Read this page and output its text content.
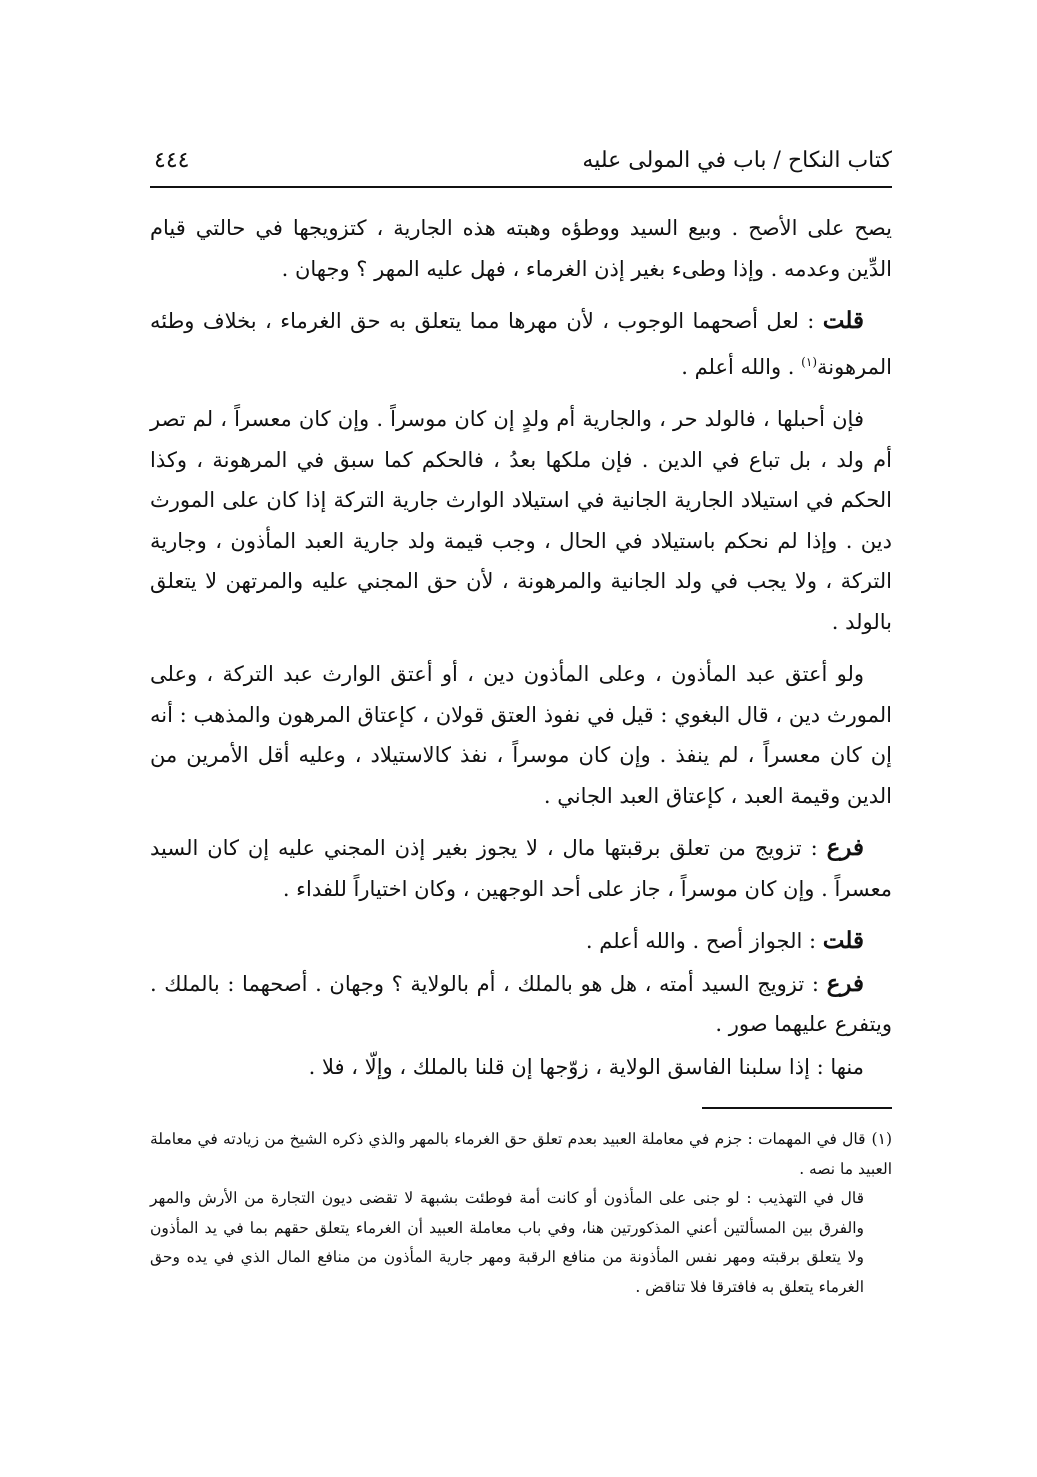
كتاب النكاح / باب في المولى عليه
٤٤٤

يصح على الأصح . وبيع السيد ووطؤه وهبته هذه الجارية ، كتزويجها في حالتي قيام الدِّين وعدمه . وإذا وطىء بغير إذن الغرماء ، فهل عليه المهر ؟ وجهان .

قلت : لعل أصحهما الوجوب ، لأن مهرها مما يتعلق به حق الغرماء ، بخلاف وطئه المرهونة$^{(١)}$ . والله أعلم .

فإن أحبلها ، فالولد حر ، والجارية أم ولدٍ إن كان موسراً . وإن كان معسراً ، لم تصر أم ولد ، بل تباع في الدين . فإن ملكها بعدُ ، فالحكم كما سبق في المرهونة ، وكذا الحكم في استيلاد الجارية الجانية في استيلاد الوارث جارية التركة إذا كان على المورث دين . وإذا لم نحكم باستيلاد في الحال ، وجب قيمة ولد جارية العبد المأذون ، وجارية التركة ، ولا يجب في ولد الجانية والمرهونة ، لأن حق المجني عليه والمرتهن لا يتعلق بالولد .

ولو أعتق عبد المأذون ، وعلى المأذون دين ، أو أعتق الوارث عبد التركة ، وعلى المورث دين ، قال البغوي : قيل في نفوذ العتق قولان ، كإعتاق المرهون والمذهب : أنه إن كان معسراً ، لم ينفذ . وإن كان موسراً ، نفذ كالاستيلاد ، وعليه أقل الأمرين من الدين وقيمة العبد ، كإعتاق العبد الجاني .

فرع : تزويج من تعلق برقبتها مال ، لا يجوز بغير إذن المجني عليه إن كان السيد معسراً . وإن كان موسراً ، جاز على أحد الوجهين ، وكان اختياراً للفداء .

قلت : الجواز أصح . والله أعلم .

فرع : تزويج السيد أمته ، هل هو بالملك ، أم بالولاية ؟ وجهان . أصحهما : بالملك . ويتفرع عليهما صور .

منها : إذا سلبنا الفاسق الولاية ، زوّجها إن قلنا بالملك ، وإلّا ، فلا .

(١)قال في المهمات : جزم في معاملة العبيد بعدم تعلق حق الغرماء بالمهر والذي ذكره الشيخ من زيادته في معاملة العبيد ما نصه .

قال في التهذيب : لو جنى على المأذون أو كانت أمة فوطئت بشبهة لا تقضى ديون التجارة من الأرش والمهر والفرق بين المسألتين أعني المذكورتين هنا، وفي باب معاملة العبيد أن الغرماء يتعلق حقهم بما في يد المأذون ولا يتعلق برقبته ومهر نفس المأذونة من منافع الرقبة ومهر جارية المأذون من منافع المال الذي في يده وحق الغرماء يتعلق به فافترقا فلا تناقض .
